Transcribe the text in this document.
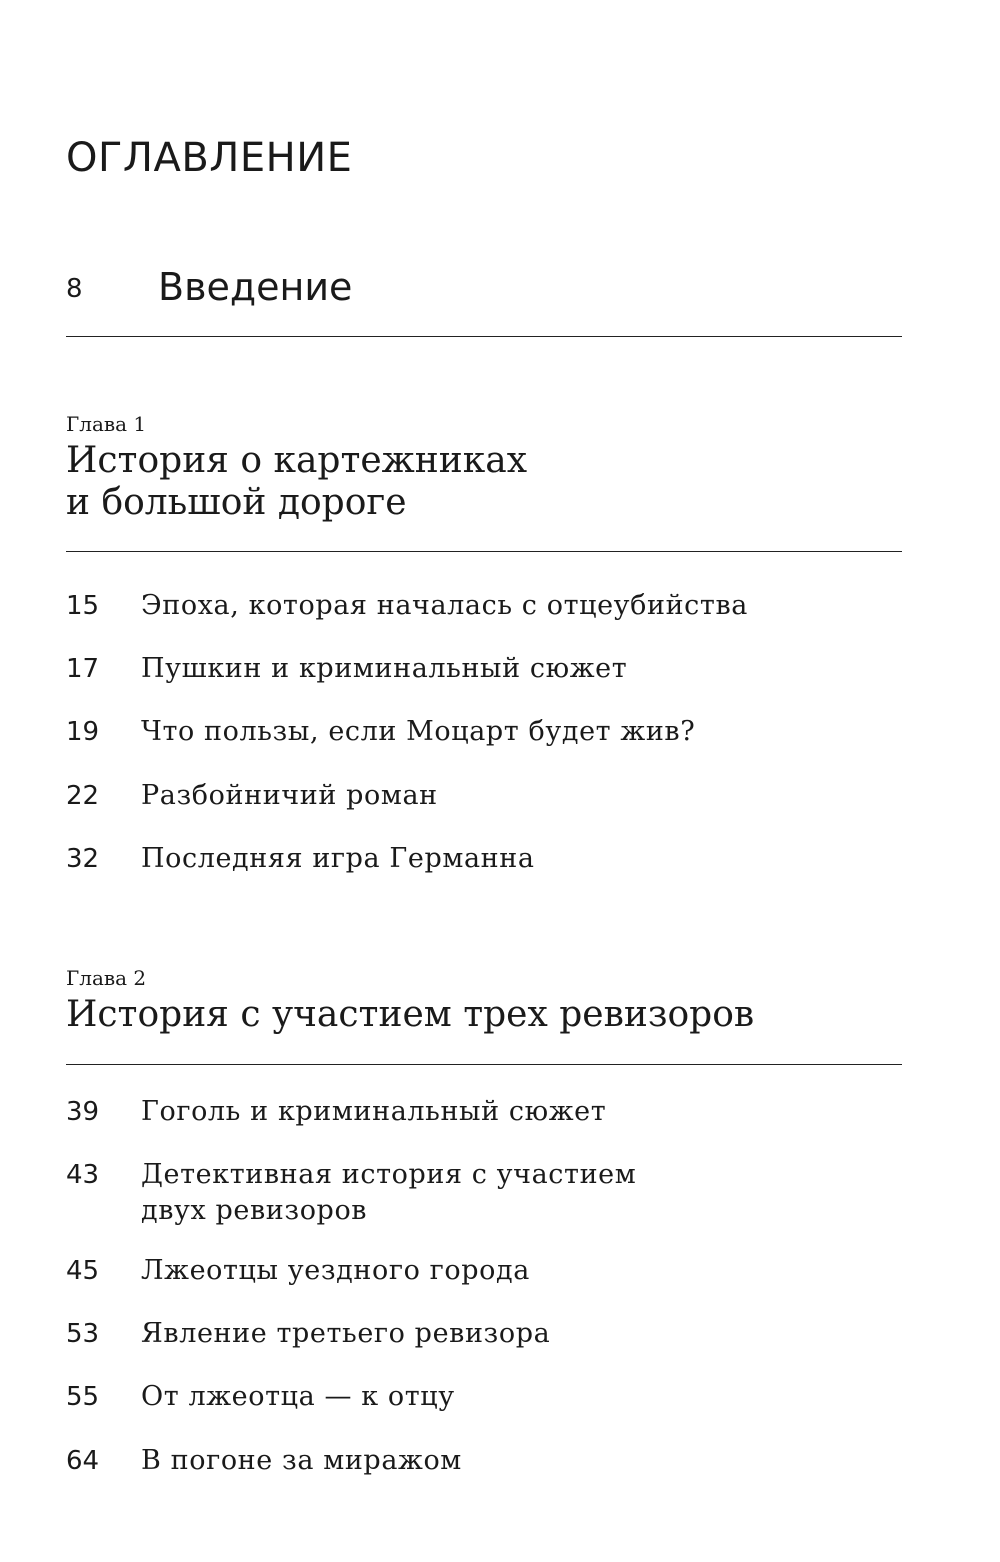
ОГЛАВЛЕНИЕ
8 Введение
Глава 1
История о картежниках
и большой дороге
15 Эпоха, которая началась с отцеубийства
17 Пушкин и криминальный сюжет
19 Что пользы, если Моцарт будет жив?
22 Разбойничий роман
32 Последняя игра Германна
Глава 2
История с участием трех ревизоров
39 Гоголь и криминальный сюжет
43 Детективная история с участием
двух ревизоров
45 Лжеотцы уездного города
53 Явление третьего ревизора
55 От лжеотца — к отцу
64 В погоне за миражом
